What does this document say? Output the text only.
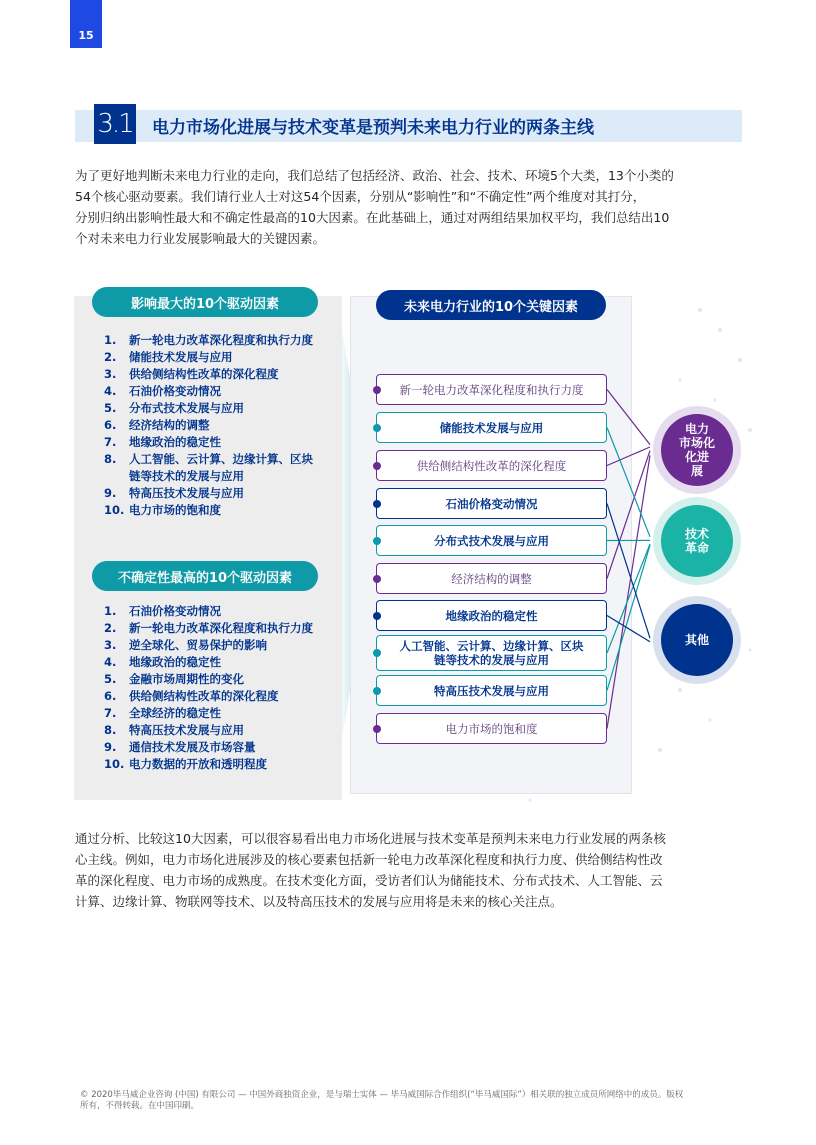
15
3.1 电力市场化进展与技术变革是预判未来电力行业的两条主线
为了更好地判断未来电力行业的走向，我们总结了包括经济、政治、社会、技术、环境5个大类，13个小类的
54个核心驱动要素。我们请行业人士对这54个因素，分别从“影响性”和“不确定性”两个维度对其打分，
分别归纳出影响性最大和不确定性最高的10大因素。在此基础上，通过对两组结果加权平均，我们总结出10
个对未来电力行业发展影响最大的关键因素。
影响最大的10个驱动因素
1.	新一轮电力改革深化程度和执行力度
2.	储能技术发展与应用
3.	供给侧结构性改革的深化程度
4.	石油价格变动情况
5.	分布式技术发展与应用
6.	经济结构的调整
7.	地缘政治的稳定性
8.	人工智能、云计算、边缘计算、区块
链等技术的发展与应用
9.	特高压技术发展与应用
10. 电力市场的饱和度
不确定性最高的10个驱动因素
1.	石油价格变动情况
2.	新一轮电力改革深化程度和执行力度
3.	逆全球化、贸易保护的影响
4.	地缘政治的稳定性
5.	金融市场周期性的变化
6.	供给侧结构性改革的深化程度
7.	全球经济的稳定性
8.	特高压技术发展与应用
9.	通信技术发展及市场容量
10. 电力数据的开放和透明程度
未来电力行业的10个关键因素
新一轮电力改革深化程度和执行力度
储能技术发展与应用
供给侧结构性改革的深化程度
石油价格变动情况
分布式技术发展与应用
经济结构的调整
地缘政治的稳定性
人工智能、云计算、边缘计算、区块
链等技术的发展与应用
特高压技术发展与应用
电力市场的饱和度
电力
市场化
化进
展
技术
革命
其他
通过分析、比较这10大因素，可以很容易看出电力市场化进展与技术变革是预判未来电力行业发展的两条核
心主线。例如，电力市场化进展涉及的核心要素包括新一轮电力改革深化程度和执行力度、供给侧结构性改
革的深化程度、电力市场的成熟度。在技术变化方面，受访者们认为储能技术、分布式技术、人工智能、云
计算、边缘计算、物联网等技术、以及特高压技术的发展与应用将是未来的核心关注点。
© 2020毕马威企业咨询 (中国) 有限公司 — 中国外商独资企业，是与瑞士实体 — 毕马威国际合作组织(“毕马威国际”）相关联的独立成员所网络中的成员。版权
所有，不得转载。在中国印刷。
